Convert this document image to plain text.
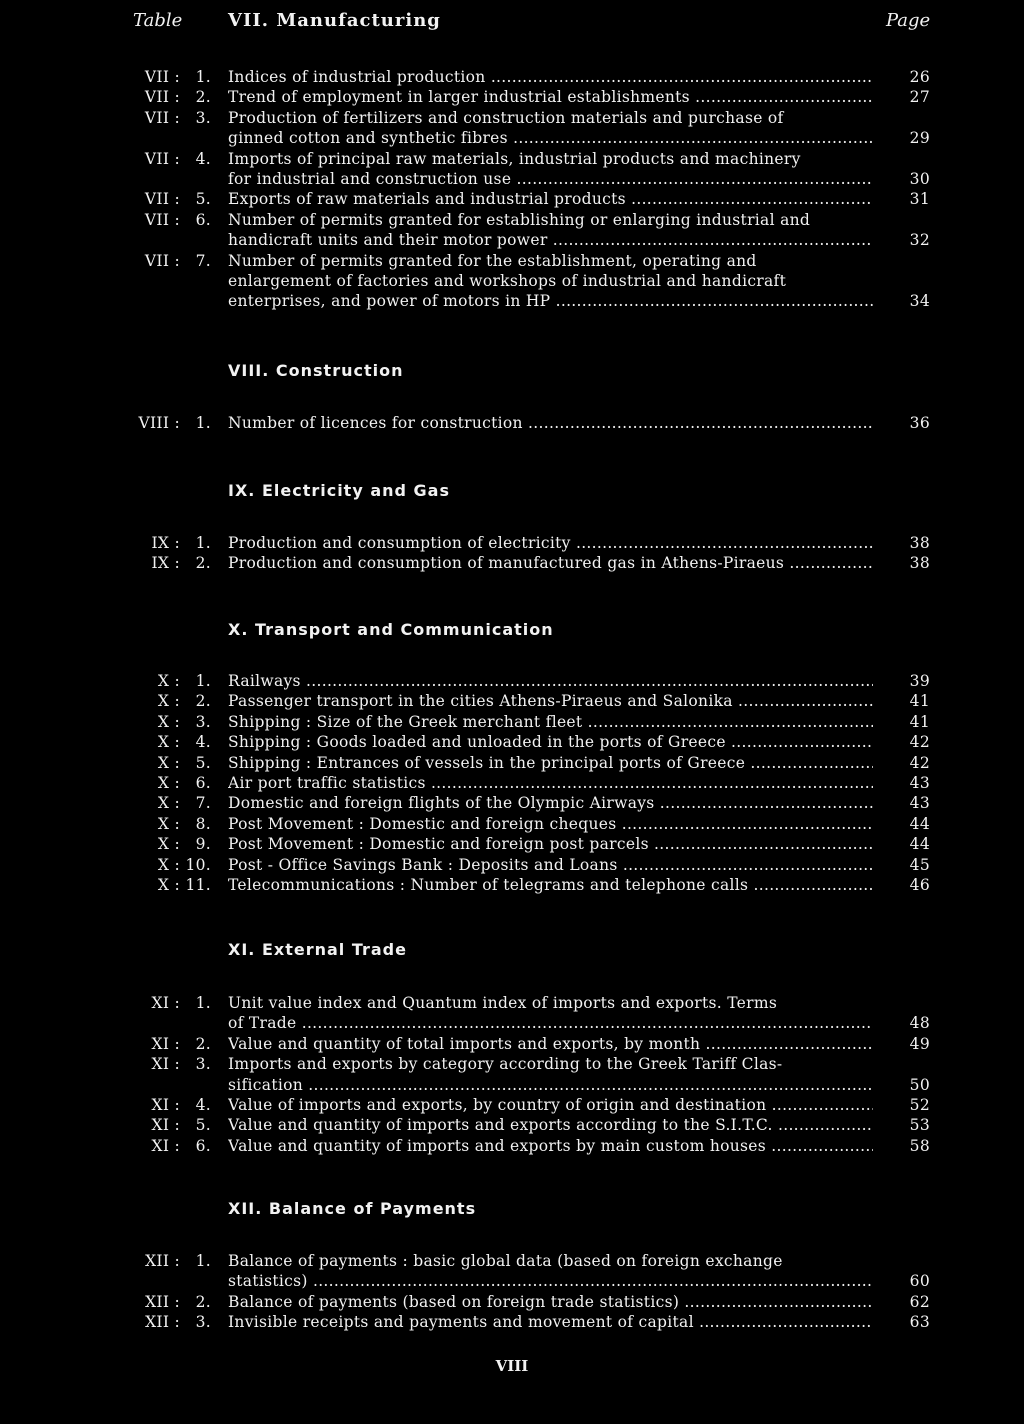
Table	VII. Manufacturing	Page
VII :	1. Indices of industrial production .....	26
VII :	2. Trend of employment in larger industrial establishments .....	27
VII :	3. Production of fertilizers and construction materials and purchase of
ginned cotton and synthetic fibres .....	29
VII :	4. Imports of principal raw materials, industrial products and machinery
for industrial and construction use .....	30
VII :	5. Exports of raw materials and industrial products .....	31
VII :	6. Number of permits granted for establishing or enlarging industrial and
handicraft units and their motor power .....	32
VII :	7. Number of permits granted for the establishment, operating and
enlargement of factories and workshops of industrial and handicraft
enterprises, and power of motors in HP .....	34
VIII. Construction
VIII :	1. Number of licences for construction .....	36
IX. Electricity and Gas
IX :	1. Production and consumption of electricity .....	38
IX :	2. Production and consumption of manufactured gas in Athens-Piraeus .....	38
X. Transport and Communication
X :	1. Railways .....	39
X :	2. Passenger transport in the cities Athens-Piraeus and Salonika .....	41
X :	3. Shipping : Size of the Greek merchant fleet .....	41
X :	4. Shipping : Goods loaded and unloaded in the ports of Greece .....	42
X :	5. Shipping : Entrances of vessels in the principal ports of Greece .....	42
X :	6. Air port traffic statistics .....	43
X :	7. Domestic and foreign flights of the Olympic Airways .....	43
X :	8. Post Movement : Domestic and foreign cheques .....	44
X :	9. Post Movement : Domestic and foreign post parcels .....	44
X : 10. Post - Office Savings Bank : Deposits and Loans .....	45
X : 11. Telecommunications : Number of telegrams and telephone calls .....	46
XI. External Trade
XI :	1. Unit value index and Quantum index of imports and exports. Terms
of Trade .....	48
XI :	2. Value and quantity of total imports and exports, by month .....	49
XI :	3. Imports and exports by category according to the Greek Tariff Clas-
sification .....	50
XI :	4. Value of imports and exports, by country of origin and destination .....	52
XI :	5. Value and quantity of imports and exports according to the S.I.T.C. .....	53
XI :	6. Value and quantity of imports and exports by main custom houses .....	58
XII. Balance of Payments
XII :	1. Balance of payments : basic global data (based on foreign exchange
statistics) .....	60
XII :	2. Balance of payments (based on foreign trade statistics) .....	62
XII :	3. Invisible receipts and payments and movement of capital .....	63
VIII
